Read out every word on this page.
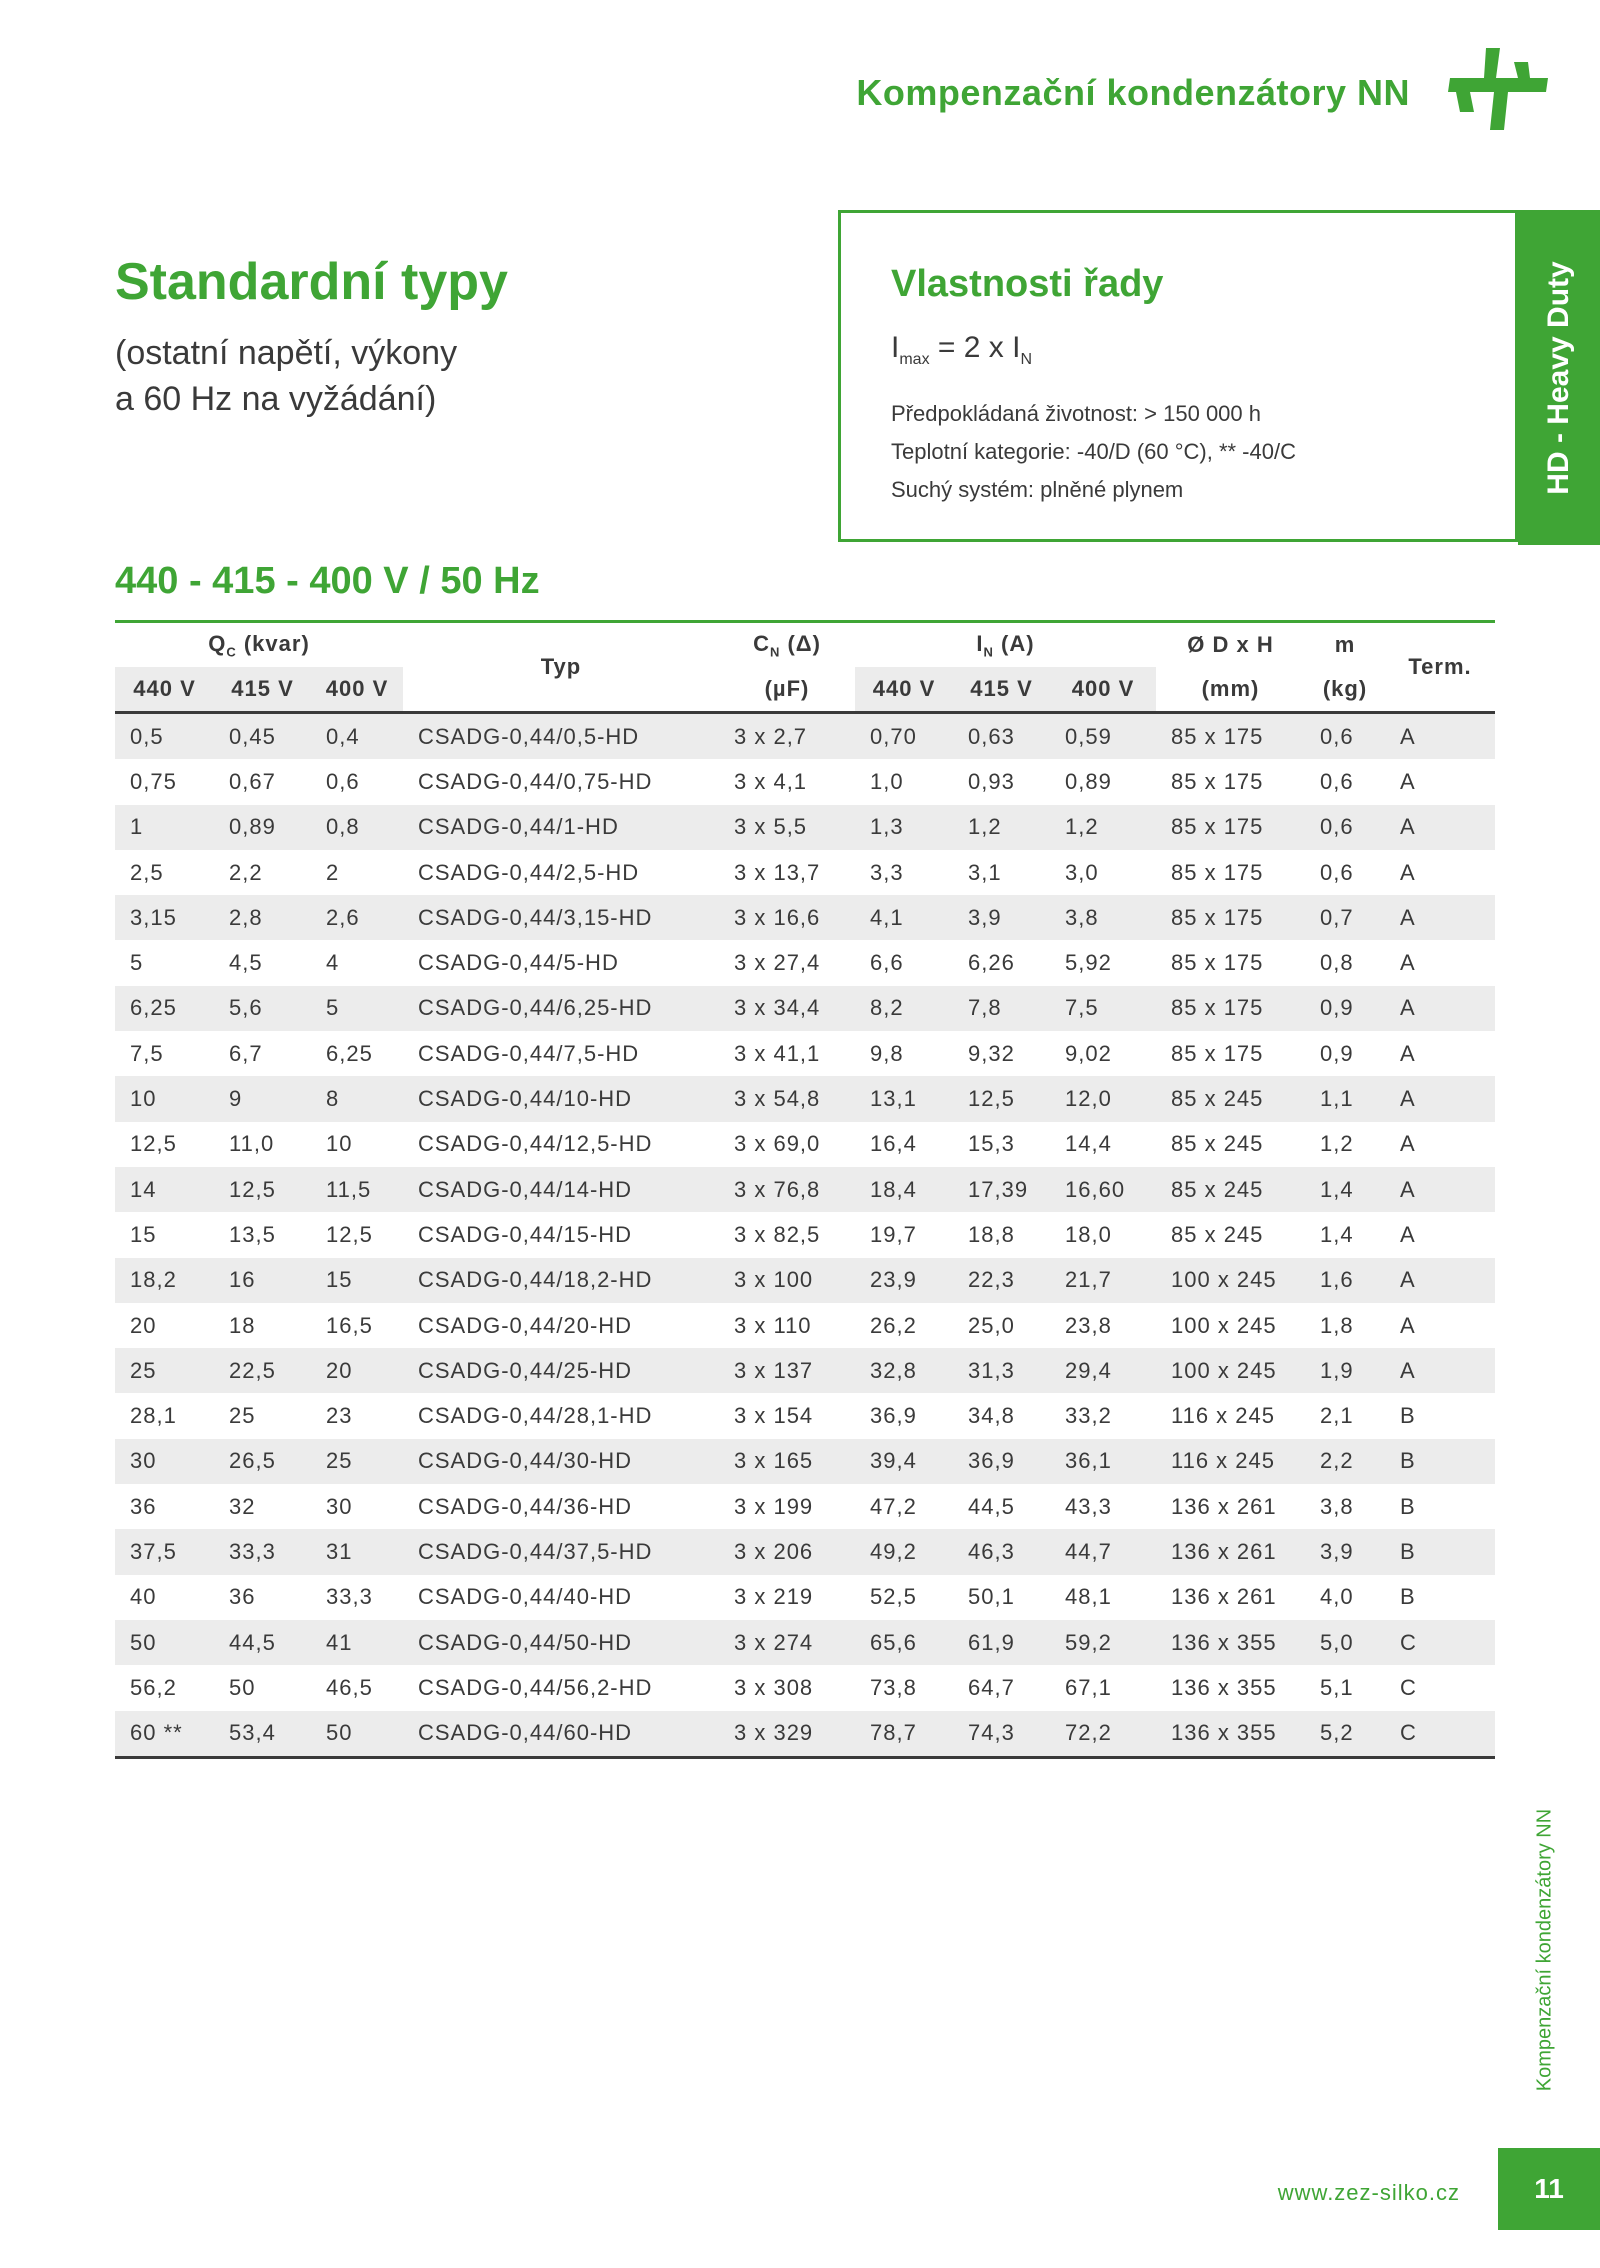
Kompenzační kondenzátory NN
Standardní typy
(ostatní napětí, výkony
a 60 Hz na vyžádání)
Vlastnosti řady
$I_{max} = 2$ x $I_N$
Předpokládaná životnost: > 150 000 h
Teplotní kategorie: -40/D (60 °C), ** -40/C
Suchý systém: plněné plynem	HD - Heavy Duty
440 - 415 - 400 V / 50 Hz
$Q_C$ (kvar)			Typ	$C_N$ (Δ)	$I_N$ (A)			Ø D x H	m	Term.
440 V	415 V	400 V		(µF)	440 V	415 V	400 V	(mm)	(kg)	
0,5	0,45	0,4	CSADG-0,44/0,5-HD	3 x 2,7	0,70	0,63	0,59	85 x 175	0,6	A
0,75	0,67	0,6	CSADG-0,44/0,75-HD	3 x 4,1	1,0	0,93	0,89	85 x 175	0,6	A
1	0,89	0,8	CSADG-0,44/1-HD	3 x 5,5	1,3	1,2	1,2	85 x 175	0,6	A
2,5	2,2	2	CSADG-0,44/2,5-HD	3 x 13,7	3,3	3,1	3,0	85 x 175	0,6	A
3,15	2,8	2,6	CSADG-0,44/3,15-HD	3 x 16,6	4,1	3,9	3,8	85 x 175	0,7	A
5	4,5	4	CSADG-0,44/5-HD	3 x 27,4	6,6	6,26	5,92	85 x 175	0,8	A
6,25	5,6	5	CSADG-0,44/6,25-HD	3 x 34,4	8,2	7,8	7,5	85 x 175	0,9	A
7,5	6,7	6,25	CSADG-0,44/7,5-HD	3 x 41,1	9,8	9,32	9,02	85 x 175	0,9	A
10	9	8	CSADG-0,44/10-HD	3 x 54,8	13,1	12,5	12,0	85 x 245	1,1	A
12,5	11,0	10	CSADG-0,44/12,5-HD	3 x 69,0	16,4	15,3	14,4	85 x 245	1,2	A
14	12,5	11,5	CSADG-0,44/14-HD	3 x 76,8	18,4	17,39	16,60	85 x 245	1,4	A
15	13,5	12,5	CSADG-0,44/15-HD	3 x 82,5	19,7	18,8	18,0	85 x 245	1,4	A
18,2	16	15	CSADG-0,44/18,2-HD	3 x 100	23,9	22,3	21,7	100 x 245	1,6	A
20	18	16,5	CSADG-0,44/20-HD	3 x 110	26,2	25,0	23,8	100 x 245	1,8	A
25	22,5	20	CSADG-0,44/25-HD	3 x 137	32,8	31,3	29,4	100 x 245	1,9	A
28,1	25	23	CSADG-0,44/28,1-HD	3 x 154	36,9	34,8	33,2	116 x 245	2,1	B
30	26,5	25	CSADG-0,44/30-HD	3 x 165	39,4	36,9	36,1	116 x 245	2,2	B
36	32	30	CSADG-0,44/36-HD	3 x 199	47,2	44,5	43,3	136 x 261	3,8	B
37,5	33,3	31	CSADG-0,44/37,5-HD	3 x 206	49,2	46,3	44,7	136 x 261	3,9	B
40	36	33,3	CSADG-0,44/40-HD	3 x 219	52,5	50,1	48,1	136 x 261	4,0	B
50	44,5	41	CSADG-0,44/50-HD	3 x 274	65,6	61,9	59,2	136 x 355	5,0	C
56,2	50	46,5	CSADG-0,44/56,2-HD	3 x 308	73,8	64,7	67,1	136 x 355	5,1	C
60 **	53,4	50	CSADG-0,44/60-HD	3 x 329	78,7	74,3	72,2	136 x 355	5,2	C
Kompenzační kondenzátory NN
www.zez-silko.cz	11
